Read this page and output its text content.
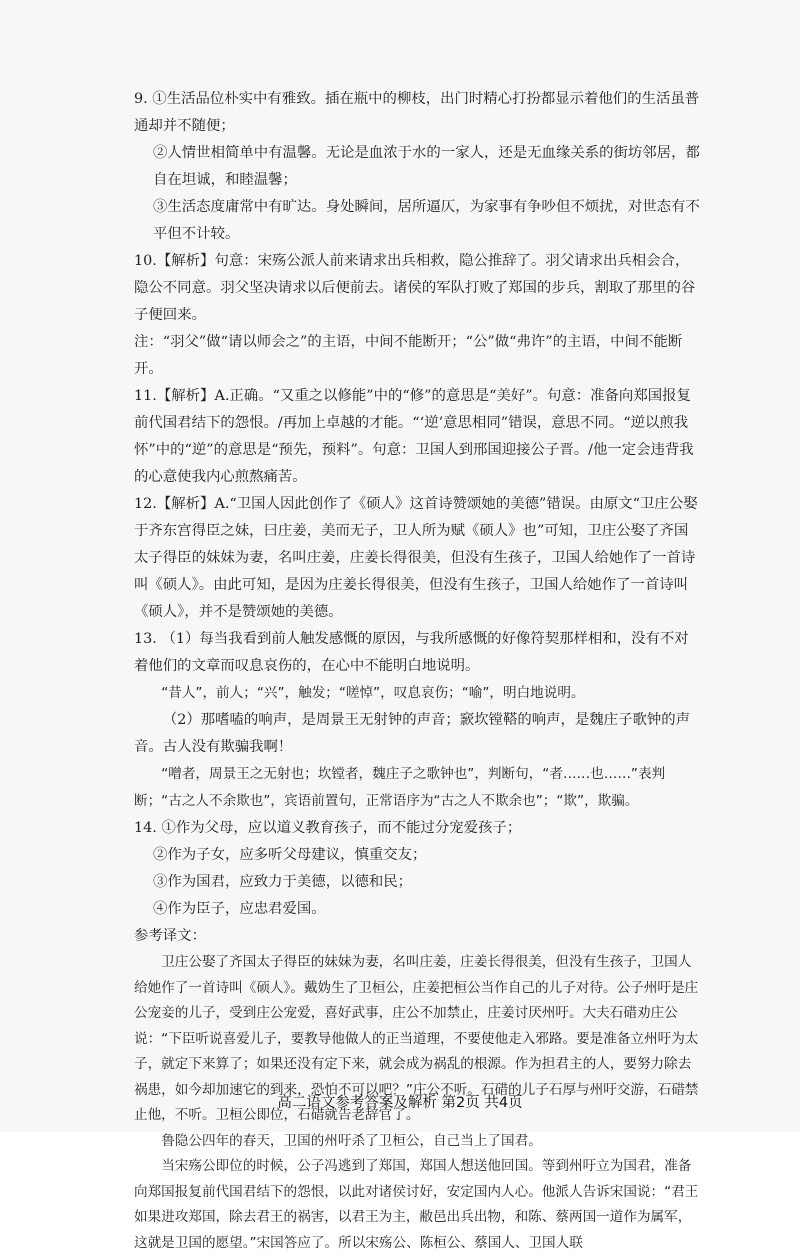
9. ①生活品位朴实中有雅致。插在瓶中的柳枝，出门时精心打扮都显示着他们的生活虽普通却并不随便；
②人情世相简单中有温馨。无论是血浓于水的一家人，还是无血缘关系的街坊邻居，都自在坦诚，和睦温馨；
③生活态度庸常中有旷达。身处瞬间，居所逼仄，为家事有争吵但不烦扰，对世态有不平但不计较。
10.【解析】句意：宋殇公派人前来请求出兵相救，隐公推辞了。羽父请求出兵相会合，隐公不同意。羽父坚决请求以后便前去。诸侯的军队打败了郑国的步兵，割取了那里的谷子便回来。
注：“羽父”做“请以师会之”的主语，中间不能断开；“公”做“弗许”的主语，中间不能断开。
11.【解析】A.正确。“又重之以修能”中的“修”的意思是“美好”。句意：准备向郑国报复前代国君结下的怨恨。/再加上卓越的才能。“‘逆’意思相同”错误，意思不同。“逆以煎我怀”中的“逆”的意思是“预先，预料”。句意：卫国人到邢国迎接公子晋。/他一定会违背我的心意使我内心煎熬痛苦。
12.【解析】A.“卫国人因此创作了《硕人》这首诗赞颂她的美德”错误。由原文“卫庄公娶于齐东宫得臣之妹，曰庄姜，美而无子，卫人所为赋《硕人》也”可知，卫庄公娶了齐国太子得臣的妹妹为妻，名叫庄姜，庄姜长得很美，但没有生孩子，卫国人给她作了一首诗叫《硕人》。由此可知，是因为庄姜长得很美，但没有生孩子，卫国人给她作了一首诗叫《硕人》，并不是赞颂她的美德。
13. （1）每当我看到前人触发感慨的原因，与我所感慨的好像符契那样相和，没有不对着他们的文章而叹息哀伤的，在心中不能明白地说明。
“昔人”，前人；“兴”，触发；“嗟悼”，叹息哀伤；“喻”，明白地说明。
（2）那嗜嗑的响声，是周景王无射钟的声音；窾坎镗鞳的响声，是魏庄子歌钟的声音。古人没有欺骗我啊！
“噌者，周景王之无射也；坎镗者，魏庄子之歌钟也”，判断句，“者……也……”表判断；“古之人不余欺也”，宾语前置句，正常语序为“古之人不欺余也”；“欺”，欺骗。
14. ①作为父母，应以道义教育孩子，而不能过分宠爱孩子；
②作为子女，应多听父母建议，慎重交友；
③作为国君，应致力于美德，以德和民；
④作为臣子，应忠君爱国。
参考译文：
卫庄公娶了齐国太子得臣的妹妹为妻，名叫庄姜，庄姜长得很美，但没有生孩子，卫国人给她作了一首诗叫《硕人》。戴妫生了卫桓公，庄姜把桓公当作自己的儿子对待。公子州吁是庄公宠妾的儿子，受到庄公宠爱，喜好武事，庄公不加禁止，庄姜讨厌州吁。大夫石碏劝庄公说：“下臣听说喜爱儿子，要教导他做人的正当道理，不要使他走入邪路。要是准备立州吁为太子，就定下来算了；如果还没有定下来，就会成为祸乱的根源。作为担君主的人，要努力除去祸患，如今却加速它的到来，恐怕不可以吧？”庄公不听。石碏的儿子石厚与州吁交游，石碏禁止他，不听。卫桓公即位，石碏就告老辞官了。
鲁隐公四年的春天，卫国的州吁杀了卫桓公，自己当上了国君。
当宋殇公即位的时候，公子冯逃到了郑国，郑国人想送他回国。等到州吁立为国君，准备向郑国报复前代国君结下的怨恨，以此对诸侯讨好，安定国内人心。他派人告诉宋国说：“君王如果进攻郑国，除去君王的祸害，以君王为主，敝邑出兵出物，和陈、蔡两国一道作为属军，这就是卫国的愿望。”宋国答应了。所以宋殇公、陈桓公、蔡国人、卫国人联
高二语文参考答案及解析 第2页 共4页
